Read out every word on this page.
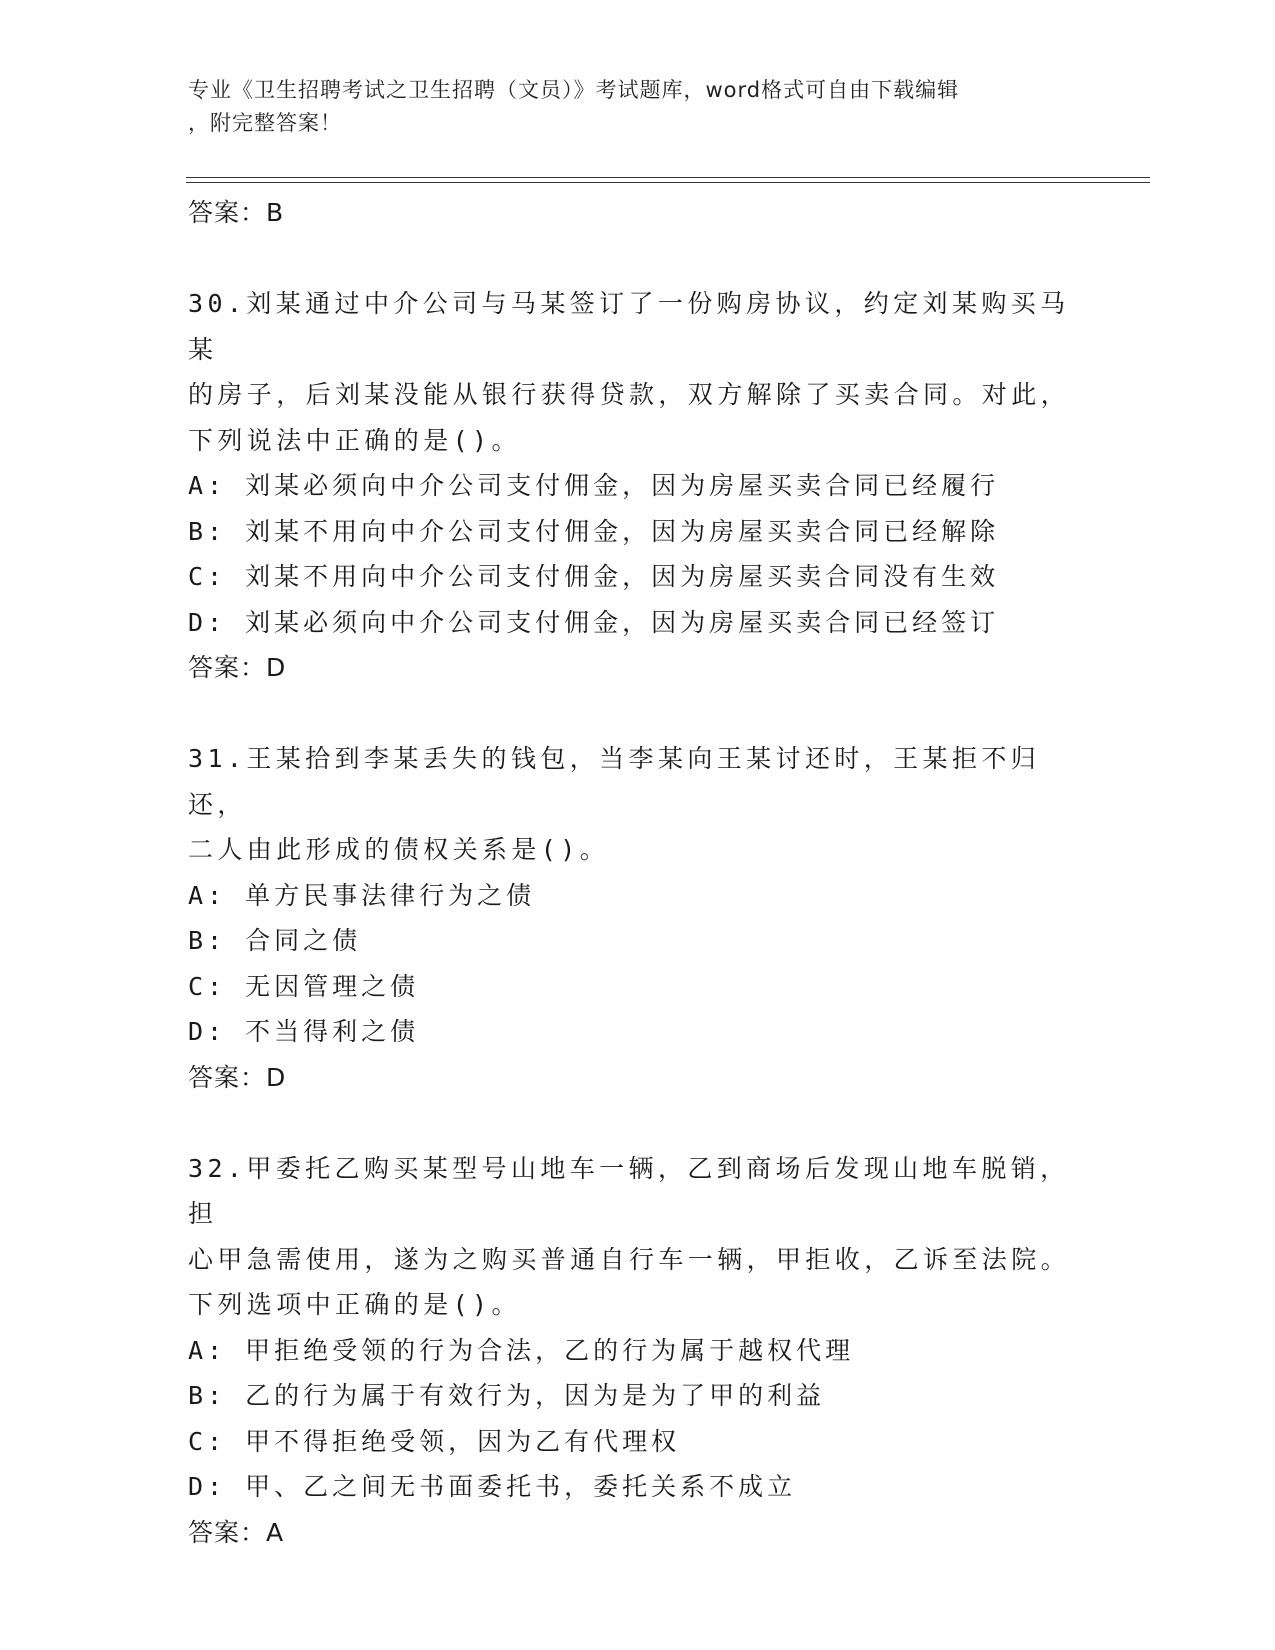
专业《卫生招聘考试之卫生招聘（文员）》考试题库，word格式可自由下载编辑
，附完整答案！

答案：B

30.刘某通过中介公司与马某签订了一份购房协议，约定刘某购买马某

的房子，后刘某没能从银行获得贷款，双方解除了买卖合同。对此，

下列说法中正确的是()。

A: 刘某必须向中介公司支付佣金，因为房屋买卖合同已经履行

B: 刘某不用向中介公司支付佣金，因为房屋买卖合同已经解除

C: 刘某不用向中介公司支付佣金，因为房屋买卖合同没有生效

D: 刘某必须向中介公司支付佣金，因为房屋买卖合同已经签订

答案：D

31.王某拾到李某丢失的钱包，当李某向王某讨还时，王某拒不归还，

二人由此形成的债权关系是()。

A: 单方民事法律行为之债

B: 合同之债

C: 无因管理之债

D: 不当得利之债

答案：D

32.甲委托乙购买某型号山地车一辆，乙到商场后发现山地车脱销，担

心甲急需使用，遂为之购买普通自行车一辆，甲拒收，乙诉至法院。

下列选项中正确的是()。

A: 甲拒绝受领的行为合法，乙的行为属于越权代理

B: 乙的行为属于有效行为，因为是为了甲的利益

C: 甲不得拒绝受领，因为乙有代理权

D: 甲、乙之间无书面委托书，委托关系不成立

答案：A
